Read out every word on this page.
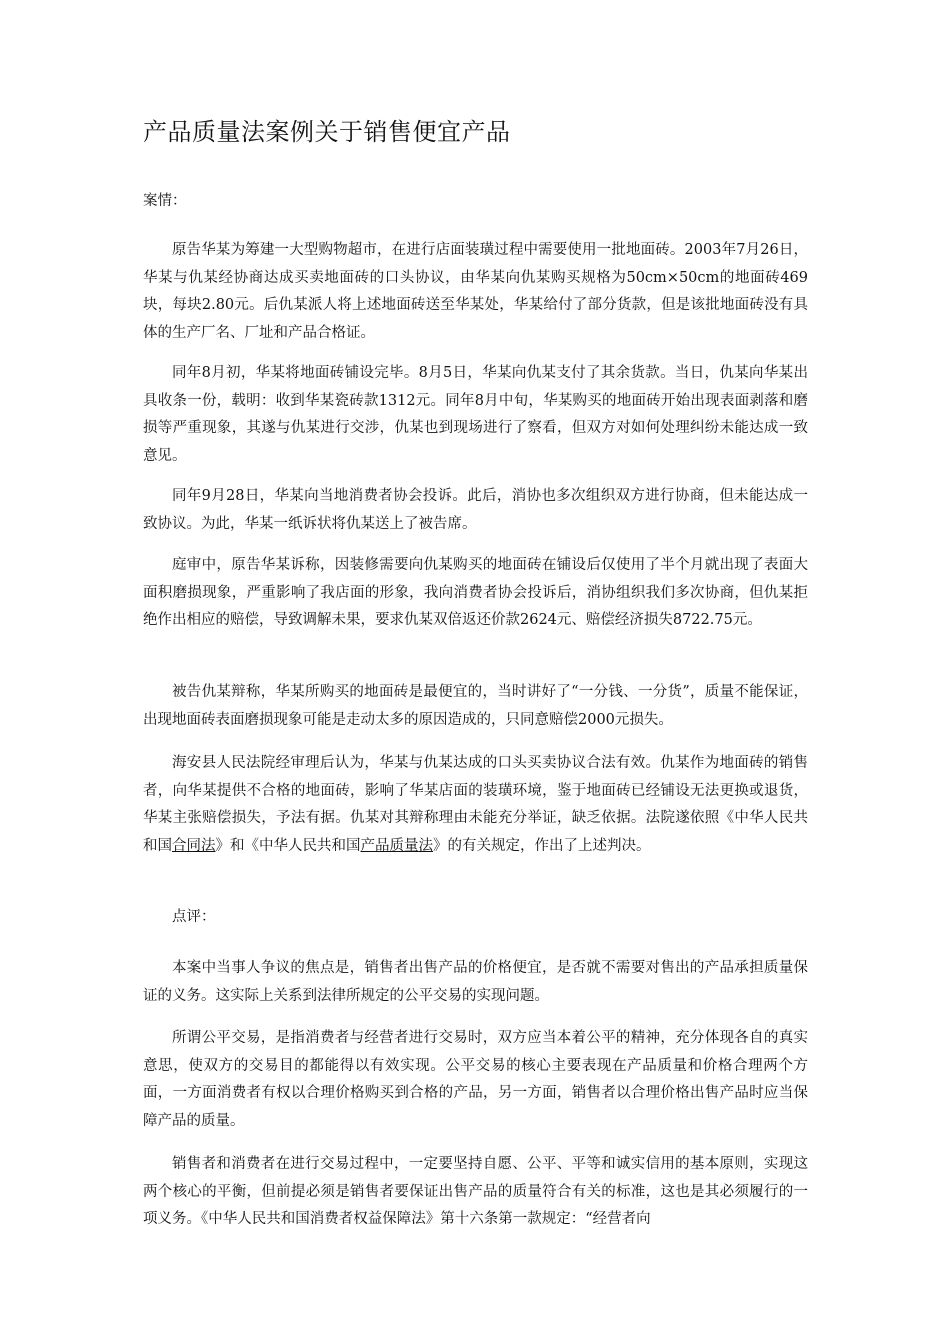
产品质量法案例关于销售便宜产品

案情：

原告华某为筹建一大型购物超市，在进行店面装璜过程中需要使用一批地面砖。2003年7月26日，华某与仇某经协商达成买卖地面砖的口头协议，由华某向仇某购买规格为50cm×50cm的地面砖469块，每块2.80元。后仇某派人将上述地面砖送至华某处，华某给付了部分货款，但是该批地面砖没有具体的生产厂名、厂址和产品合格证。

同年8月初，华某将地面砖铺设完毕。8月5日，华某向仇某支付了其余货款。当日，仇某向华某出具收条一份，载明：收到华某瓷砖款1312元。同年8月中旬，华某购买的地面砖开始出现表面剥落和磨损等严重现象，其遂与仇某进行交涉，仇某也到现场进行了察看，但双方对如何处理纠纷未能达成一致意见。

同年9月28日，华某向当地消费者协会投诉。此后，消协也多次组织双方进行协商，但未能达成一致协议。为此，华某一纸诉状将仇某送上了被告席。

庭审中，原告华某诉称，因装修需要向仇某购买的地面砖在铺设后仅使用了半个月就出现了表面大面积磨损现象，严重影响了我店面的形象，我向消费者协会投诉后，消协组织我们多次协商，但仇某拒绝作出相应的赔偿，导致调解未果，要求仇某双倍返还价款2624元、赔偿经济损失8722.75元。

被告仇某辩称，华某所购买的地面砖是最便宜的，当时讲好了“一分钱、一分货”，质量不能保证，出现地面砖表面磨损现象可能是走动太多的原因造成的，只同意赔偿2000元损失。

海安县人民法院经审理后认为，华某与仇某达成的口头买卖协议合法有效。仇某作为地面砖的销售者，向华某提供不合格的地面砖，影响了华某店面的装璜环境，鉴于地面砖已经铺设无法更换或退货，华某主张赔偿损失，予法有据。仇某对其辩称理由未能充分举证，缺乏依据。法院遂依照《中华人民共和国合同法》和《中华人民共和国产品质量法》的有关规定，作出了上述判决。

点评：

本案中当事人争议的焦点是，销售者出售产品的价格便宜，是否就不需要对售出的产品承担质量保证的义务。这实际上关系到法律所规定的公平交易的实现问题。

所谓公平交易，是指消费者与经营者进行交易时，双方应当本着公平的精神，充分体现各自的真实意思，使双方的交易目的都能得以有效实现。公平交易的核心主要表现在产品质量和价格合理两个方面，一方面消费者有权以合理价格购买到合格的产品，另一方面，销售者以合理价格出售产品时应当保障产品的质量。

销售者和消费者在进行交易过程中，一定要坚持自愿、公平、平等和诚实信用的基本原则，实现这两个核心的平衡，但前提必须是销售者要保证出售产品的质量符合有关的标准，这也是其必须履行的一项义务。《中华人民共和国消费者权益保障法》第十六条第一款规定：“经营者向
